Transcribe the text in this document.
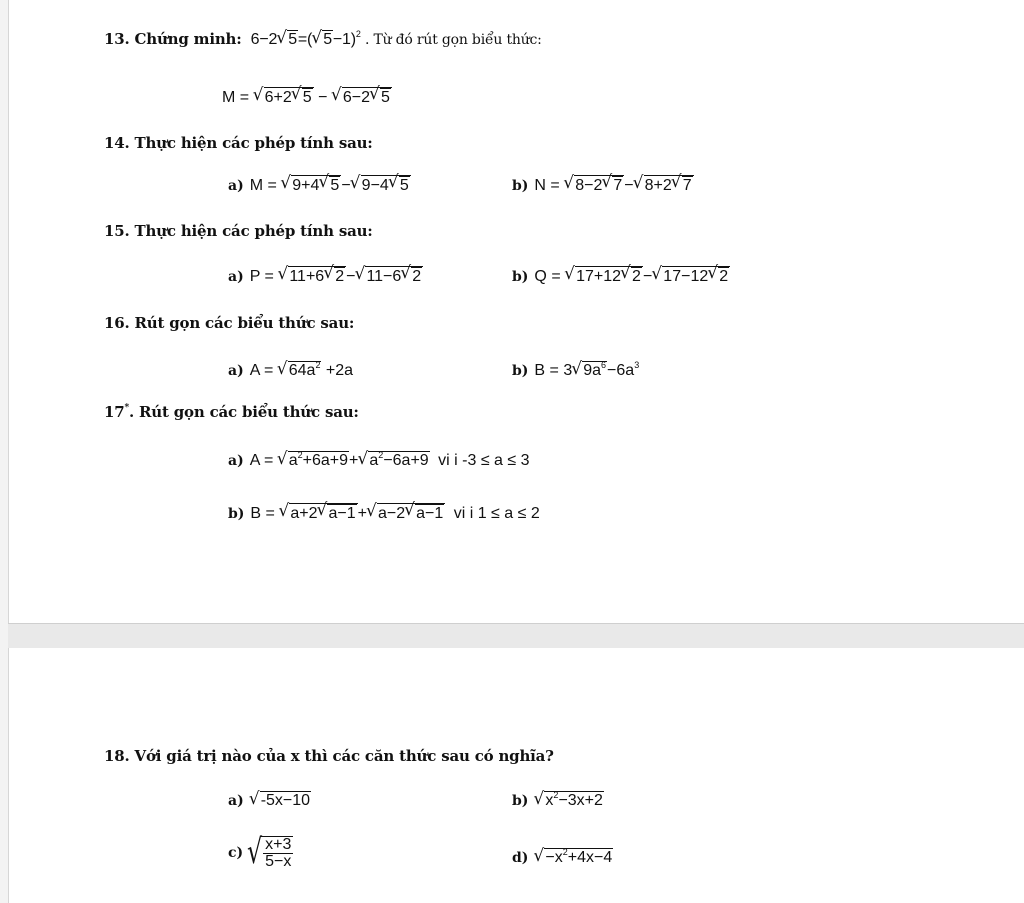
13. Chứng minh: 6−2√ 5=(√ 5−1)$^2$ . Từ đó rút gọn biểu thức:
M = √ 6+2√ 5 − √ 6−2√ 5
14. Thực hiện các phép tính sau:
a) M = √ 9+4√ 5 −√ 9−4√ 5	b) N = √ 8−2√ 7 −√ 8+2√ 7
15. Thực hiện các phép tính sau:
a) P = √ 11+6√ 2 −√ 11−6√ 2	b) Q = √ 17+12√ 2 −√ 17−12√ 2
16. Rút gọn các biểu thức sau:
a) A = √ $64a^2 +2a$	b) B = 3√ $9a^6-6a^3$
17*. Rút gọn các biểu thức sau:
a) A = √ $a^2+6a+9+√$ $a^2-6a+9$ vi i -3 ≤ a ≤ 3
b) B = √ a+2√ a−1 +√ a−2√ a−1 vi i 1 ≤ a ≤ 2
18. Với giá trị nào của x thì các căn thức sau có nghĩa?
a)√ -5x−10	b)√ $x^2-3x+2$
c)
√ $\frac{x+3}{5-x}$	$d)√ -x^2+4x-4$
